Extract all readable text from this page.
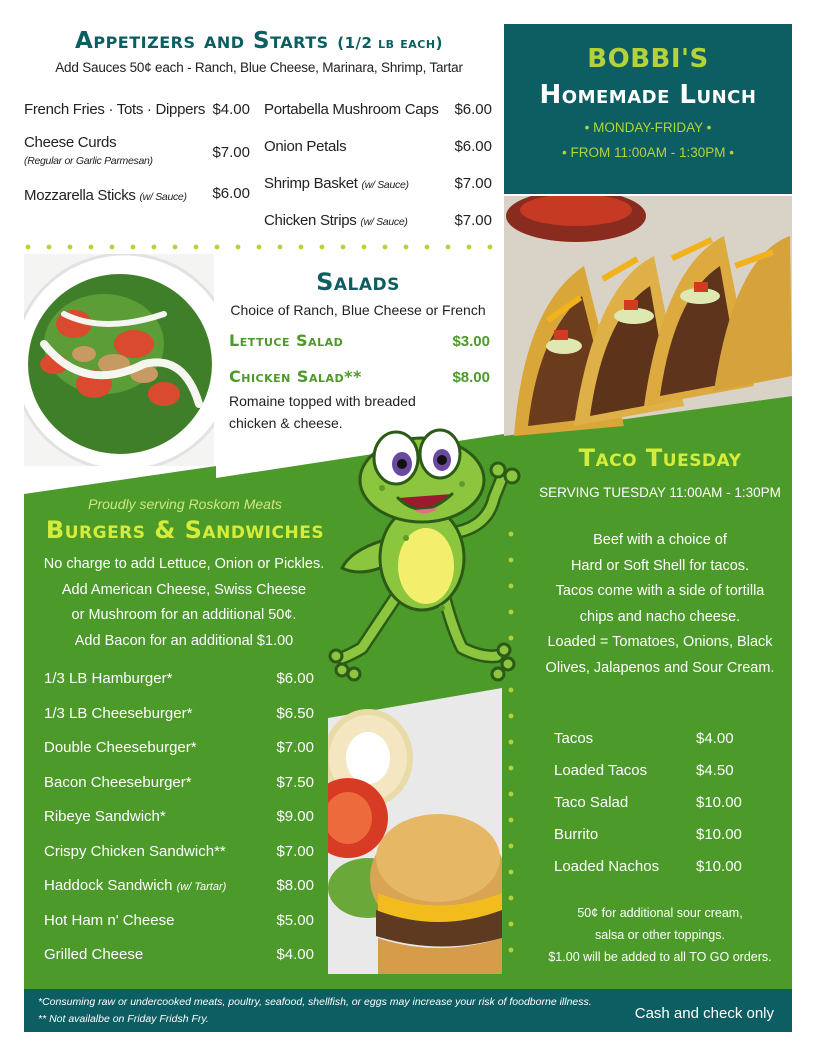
Appetizers and Starts (1/2 lb each)
Add Sauces 50¢ each - Ranch, Blue Cheese, Marinara, Shrimp, Tartar
French Fries · Tots · Dippers $4.00
Cheese Curds
(Regular or Garlic Parmesan)	$7.00
Mozzarella Sticks (w/ Sauce)	$6.00
Portabella Mushroom Caps	$6.00
Onion Petals	$6.00
Shrimp Basket (w/ Sauce)	$7.00
Chicken Strips (w/ Sauce)	$7.00
BOBBI'S
Homemade Lunch
• MONDAY-FRIDAY •
• FROM 11:00AM - 1:30PM •
Salads
Choice of Ranch, Blue Cheese or French
Lettuce Salad	$3.00
Chicken Salad**	$8.00
Romaine topped with breaded
chicken & cheese.
Proudly serving Roskom Meats
Burgers & Sandwiches
No charge to add Lettuce, Onion or Pickles.
Add American Cheese, Swiss Cheese
or Mushroom for an additional 50¢.
Add Bacon for an additional $1.00
1/3 LB Hamburger*	$6.00
1/3 LB Cheeseburger*	$6.50
Double Cheeseburger*	$7.00
Bacon Cheeseburger*	$7.50
Ribeye Sandwich*	$9.00
Crispy Chicken Sandwich**	$7.00
Haddock Sandwich (w/ Tartar)	$8.00
Hot Ham n' Cheese	$5.00
Grilled Cheese	$4.00
Taco Tuesday
SERVING TUESDAY 11:00AM - 1:30PM
Beef with a choice of
Hard or Soft Shell for tacos.
Tacos come with a side of tortilla
chips and nacho cheese.
Loaded = Tomatoes, Onions, Black
Olives, Jalapenos and Sour Cream.
Tacos	$4.00
Loaded Tacos	$4.50
Taco Salad	$10.00
Burrito	$10.00
Loaded Nachos $10.00
50¢ for additional sour cream,
salsa or other toppings.
$1.00 will be added to all TO GO orders.
*Consuming raw or undercooked meats, poultry, seafood, shellfish, or eggs may increase your risk of foodborne illness.
** Not availalbe on Friday Fridsh Fry.	Cash and check only
